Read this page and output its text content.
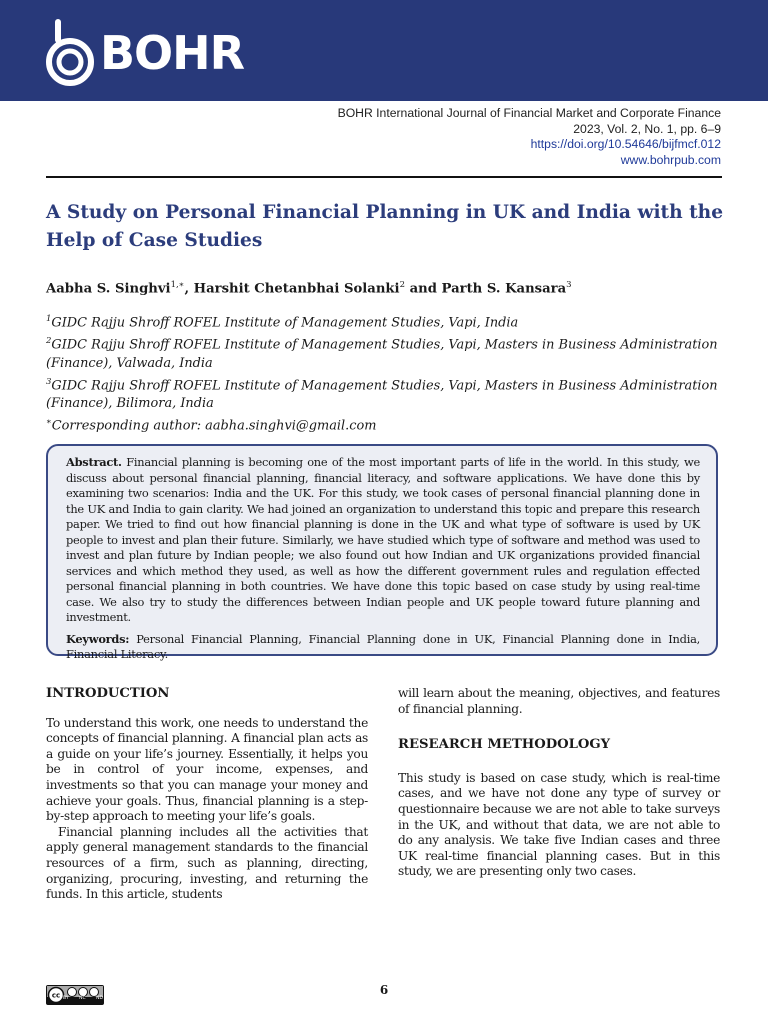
BOHR
BOHR International Journal of Financial Market and Corporate Finance
2023, Vol. 2, No. 1, pp. 6–9
https://doi.org/10.54646/bijfmcf.012
www.bohrpub.com
A Study on Personal Financial Planning in UK and India with the Help of Case Studies
Aabha S. Singhvi$^{1,∗}$, Harshit Chetanbhai Solanki$^2$ and Parth S. Kansara$^3$
$^1$GIDC Rajju Shroff ROFEL Institute of Management Studies, Vapi, India
$^2$GIDC Rajju Shroff ROFEL Institute of Management Studies, Vapi, Masters in Business Administration
(Finance), Valwada, India
$^3$GIDC Rajju Shroff ROFEL Institute of Management Studies, Vapi, Masters in Business Administration
(Finance), Bilimora, India
∗Corresponding author: aabha.singhvi@gmail.com

Abstract. Financial planning is becoming one of the most important parts of life in the world. In this study, we discuss about personal financial planning, financial literacy, and software applications. We have done this by examining two scenarios: India and the UK. For this study, we took cases of personal financial planning done in the UK and India to gain clarity. We had joined an organization to understand this topic and prepare this research paper. We tried to find out how financial planning is done in the UK and what type of software is used by UK people to invest and plan their future. Similarly, we have studied which type of software and method was used to invest and plan future by Indian people; we also found out how Indian and UK organizations provided financial services and which method they used, as well as how the different government rules and regulation effected personal financial planning in both countries. We have done this topic based on case study by using real-time case. We also try to study the differences between Indian people and UK people toward future planning and investment.

Keywords: Personal Financial Planning, Financial Planning done in UK, Financial Planning done in India, Financial Literacy.

INTRODUCTION

To understand this work, one needs to understand the concepts of financial planning. A financial plan acts as a guide on your life’s journey. Essentially, it helps you be in control of your income, expenses, and investments so that you can manage your money and achieve your goals. Thus, financial planning is a step-by-step approach to meeting your life’s goals.

Financial planning includes all the activities that apply general management standards to the financial resources of a firm, such as planning, directing, organizing, procuring, investing, and returning the funds. In this article, students

will learn about the meaning, objectives, and features of financial planning.

RESEARCH METHODOLOGY

This study is based on case study, which is real-time cases, and we have not done any type of survey or questionnaire because we are not able to take surveys in the UK, and without that data, we are not able to do any analysis. We take five Indian cases and three UK real-time financial planning cases. But in this study, we are presenting only two cases.

cc BY NC ND
6
